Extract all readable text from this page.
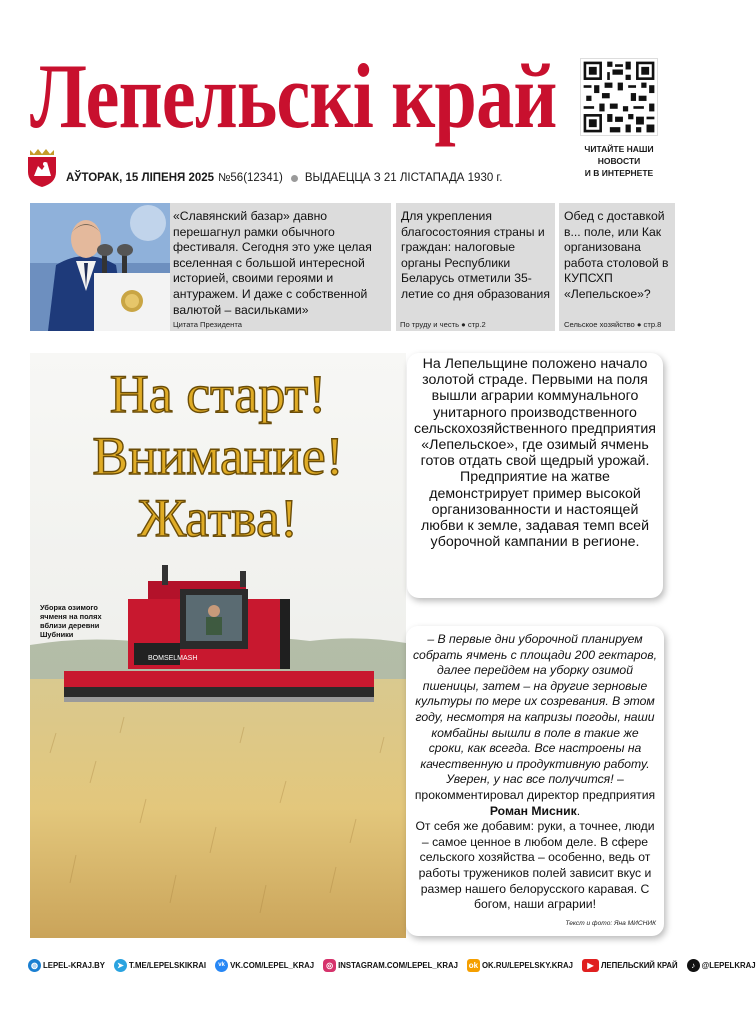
Лепельскі край
ЧИТАЙТЕ НАШИ
НОВОСТИ
И В ИНТЕРНЕТЕ
АЎТОРАК, 15 ЛІПЕНЯ 2025 №56(12341) ВЫДАЕЦЦА З 21 ЛІСТАПАДА 1930 г.
«Славянский базар» давно перешагнул рамки обычного фестиваля. Сегодня это уже целая вселенная с большой интересной историей, своими героями и антуражем. И даже с собственной валютой – васильками»
Цитата Президента
Для укрепления благосостояния страны и граждан: налоговые органы Республики Беларусь отметили 35-летие со дня образования
По труду и честь ● стр.2
Обед с доставкой в... поле, или Как организована работа столовой в КУПСХП «Лепельское»?
Сельское хозяйство ● стр.8
BOMSELMASH
На старт!
Внимание!
Жатва!
Уборка озимого ячменя на полях вблизи деревни Шубники

На Лепельщине положено начало золотой страде. Первыми на поля вышли аграрии коммунального унитарного производственного сельскохозяйственного предприятия «Лепельское», где озимый ячмень готов отдать свой щедрый урожай. Предприятие на жатве демонстрирует пример высокой организованности и настоящей любви к земле, задавая темп всей уборочной кампании в регионе.

– В первые дни уборочной планируем собрать ячмень с площади 200 гектаров, далее перейдем на уборку озимой пшеницы, затем – на другие зерновые культуры по мере их созревания. В этом году, несмотря на капризы погоды, наши комбайны вышли в поле в такие же сроки, как всегда. Все настроены на качественную и продуктивную работу. Уверен, у нас все получится! – прокомментировал директор предприятия Роман Мисник.
От себя же добавим: руки, а точнее, люди – самое ценное в любом деле. В сфере сельского хозяйства – особенно, ведь от работы тружеников полей зависит вкус и размер нашего белорусского каравая. С богом, наши аграрии!
Текст и фото: Яна МИСНИК
◍ LEPEL-KRAJ.BY	➤ T.ME/LEPELSKIKRAI	vk VK.COM/LEPEL_KRAJ	◎ INSTAGRAM.COM/LEPEL_KRAJ ok OK.RU/LEPELSKY.KRAJ	▶ ЛЕПЕЛЬСКИЙ КРАЙ	♪ @LEPELKRAJ
